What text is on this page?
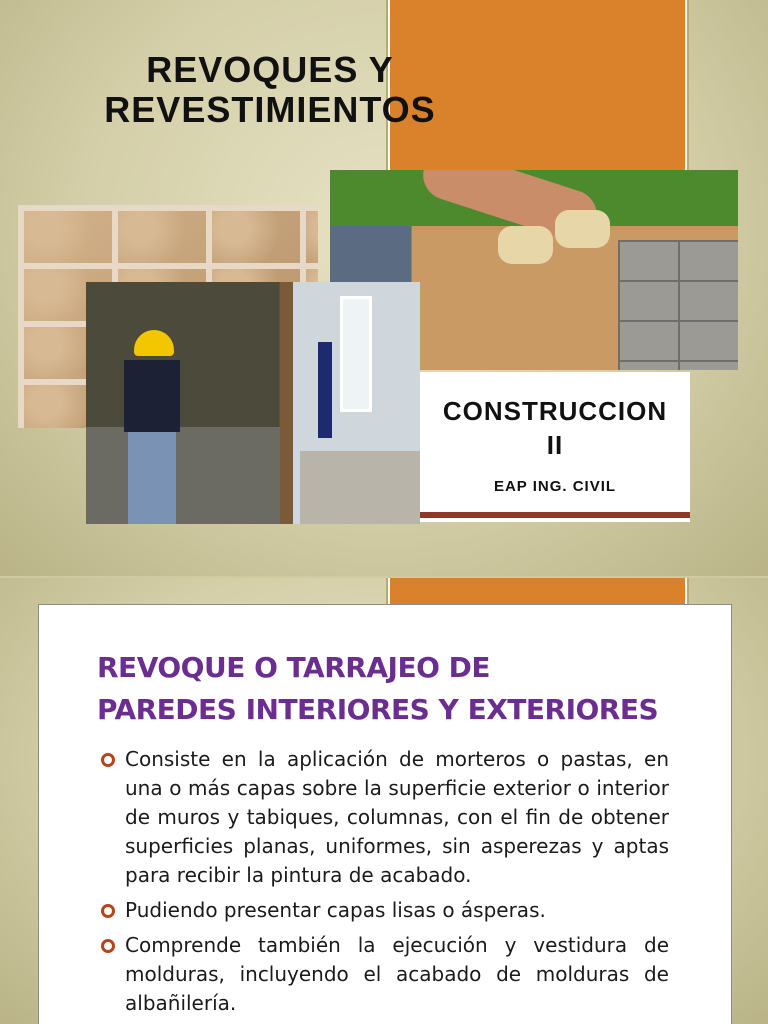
REVOQUES Y
REVESTIMIENTOS
CONSTRUCCION
II
EAP ING. CIVIL
REVOQUE O TARRAJEO DE
PAREDES INTERIORES Y EXTERIORES
Consiste en la aplicación de morteros o pastas, en una o más capas sobre la superficie exterior o interior de muros y tabiques, columnas, con el fin de obtener superficies planas, uniformes, sin asperezas y aptas para recibir la pintura de acabado.
Pudiendo presentar capas lisas o ásperas.
Comprende también la ejecución y vestidura de molduras, incluyendo el acabado de molduras de albañilería.
